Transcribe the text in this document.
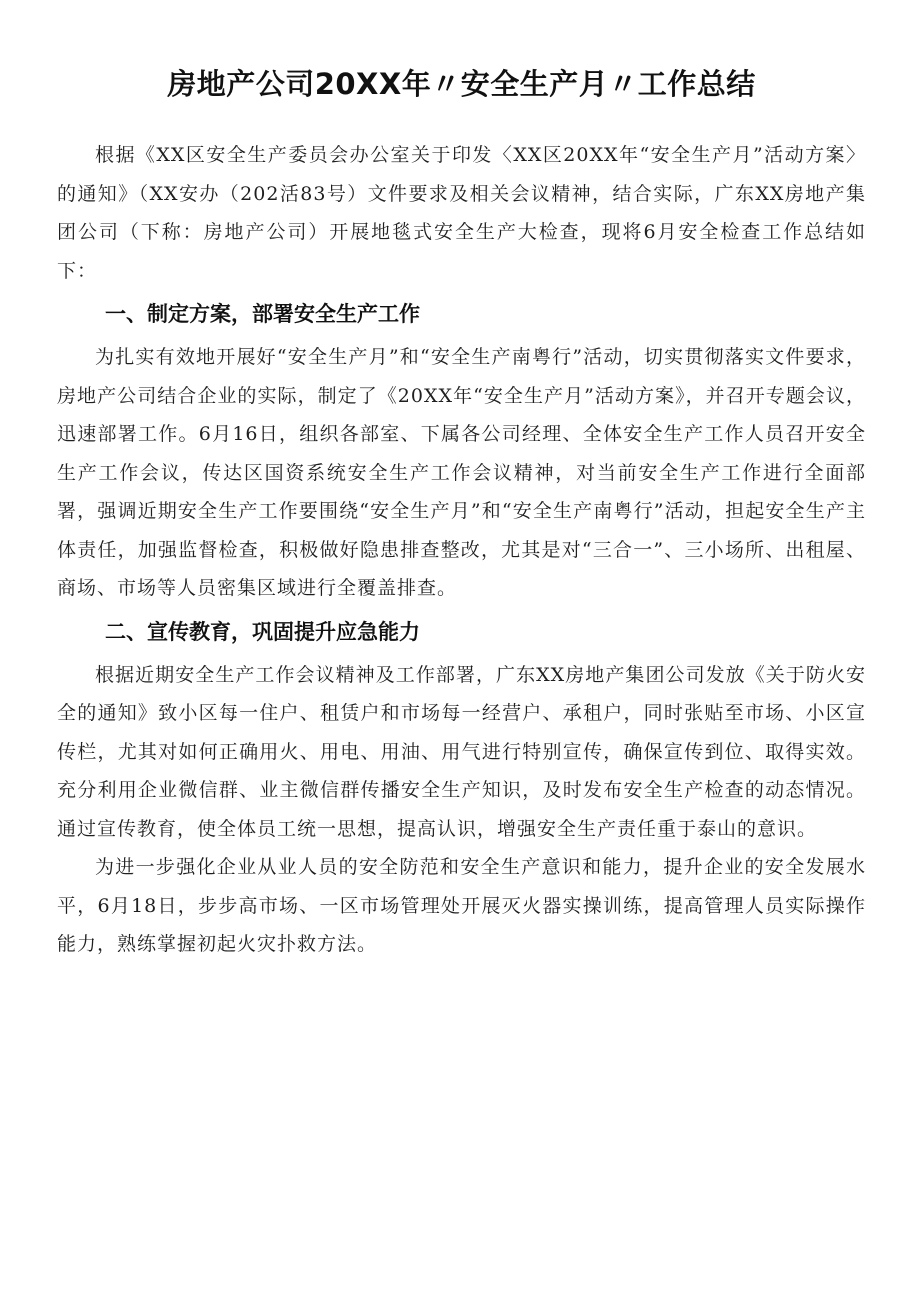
房地产公司20XX年〃安全生产月〃工作总结

根据《XX区安全生产委员会办公室关于印发〈XX区20XX年“安全生产月”活动方案〉的通知》（XX安办（202活83号）文件要求及相关会议精神，结合实际，广东XX房地产集团公司（下称：房地产公司）开展地毯式安全生产大检查，现将6月安全检查工作总结如下：

一、制定方案，部署安全生产工作

为扎实有效地开展好“安全生产月”和“安全生产南粤行”活动，切实贯彻落实文件要求，房地产公司结合企业的实际，制定了《20XX年“安全生产月”活动方案》，并召开专题会议，迅速部署工作。6月16日，组织各部室、下属各公司经理、全体安全生产工作人员召开安全生产工作会议，传达区国资系统安全生产工作会议精神，对当前安全生产工作进行全面部署，强调近期安全生产工作要围绕“安全生产月”和“安全生产南粤行”活动，担起安全生产主体责任，加强监督检查，积极做好隐患排查整改，尤其是对“三合一”、三小场所、出租屋、商场、市场等人员密集区域进行全覆盖排查。

二、宣传教育，巩固提升应急能力

根据近期安全生产工作会议精神及工作部署，广东XX房地产集团公司发放《关于防火安全的通知》致小区每一住户、租赁户和市场每一经营户、承租户，同时张贴至市场、小区宣传栏，尤其对如何正确用火、用电、用油、用气进行特别宣传，确保宣传到位、取得实效。充分利用企业微信群、业主微信群传播安全生产知识，及时发布安全生产检查的动态情况。通过宣传教育，使全体员工统一思想，提高认识，增强安全生产责任重于泰山的意识。

为进一步强化企业从业人员的安全防范和安全生产意识和能力，提升企业的安全发展水平，6月18日，步步高市场、一区市场管理处开展灭火器实操训练，提高管理人员实际操作能力，熟练掌握初起火灾扑救方法。
